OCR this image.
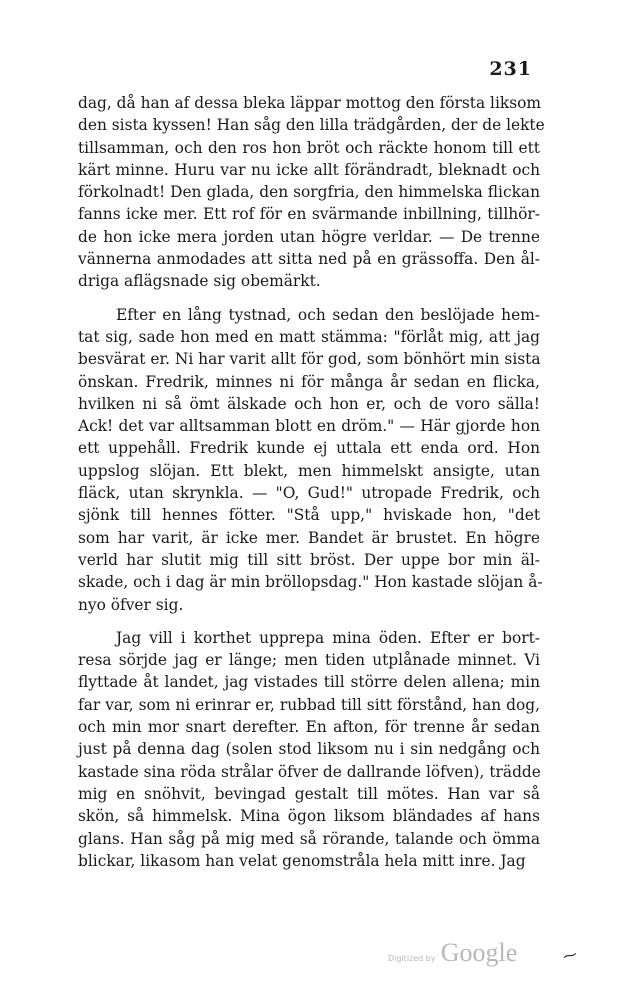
231
dag, då han af dessa bleka läppar mottog den första liksom
den sista kyssen! Han såg den lilla trädgården, der de lekte
tillsamman, och den ros hon bröt och räckte honom till ett
kärt minne. Huru var nu icke allt förändradt, bleknadt och
förkolnadt! Den glada, den sorgfria, den himmelska flickan
fanns icke mer. Ett rof för en svärmande inbillning, tillhör-
de hon icke mera jorden utan högre verldar. — De trenne
vännerna anmodades att sitta ned på en grässoffa. Den ål-
driga aflägsnade sig obemärkt.
Efter en lång tystnad, och sedan den beslöjade hem-
tat sig, sade hon med en matt stämma: "förlåt mig, att jag
besvärat er. Ni har varit allt för god, som bönhört min sista
önskan. Fredrik, minnes ni för många år sedan en flicka,
hvilken ni så ömt älskade och hon er, och de voro sälla!
Ack! det var alltsamman blott en dröm." — Här gjorde hon
ett uppehåll. Fredrik kunde ej uttala ett enda ord. Hon
uppslog slöjan. Ett blekt, men himmelskt ansigte, utan
fläck, utan skrynkla. — "O, Gud!" utropade Fredrik, och
sjönk till hennes fötter. "Stå upp," hviskade hon, "det
som har varit, är icke mer. Bandet är brustet. En högre
verld har slutit mig till sitt bröst. Der uppe bor min äl-
skade, och i dag är min bröllopsdag." Hon kastade slöjan å-
nyo öfver sig.
Jag vill i korthet upprepa mina öden. Efter er bort-
resa sörjde jag er länge; men tiden utplånade minnet. Vi
flyttade åt landet, jag vistades till större delen allena; min
far var, som ni erinrar er, rubbad till sitt förstånd, han dog,
och min mor snart derefter. En afton, för trenne år sedan
just på denna dag (solen stod liksom nu i sin nedgång och
kastade sina röda strålar öfver de dallrande löfven), trädde
mig en snöhvit, bevingad gestalt till mötes. Han var så
skön, så himmelsk. Mina ögon liksom bländades af hans
glans. Han såg på mig med så rörande, talande och ömma
blickar, likasom han velat genomstråla hela mitt inre. Jag
Digitized by Google	⁓
